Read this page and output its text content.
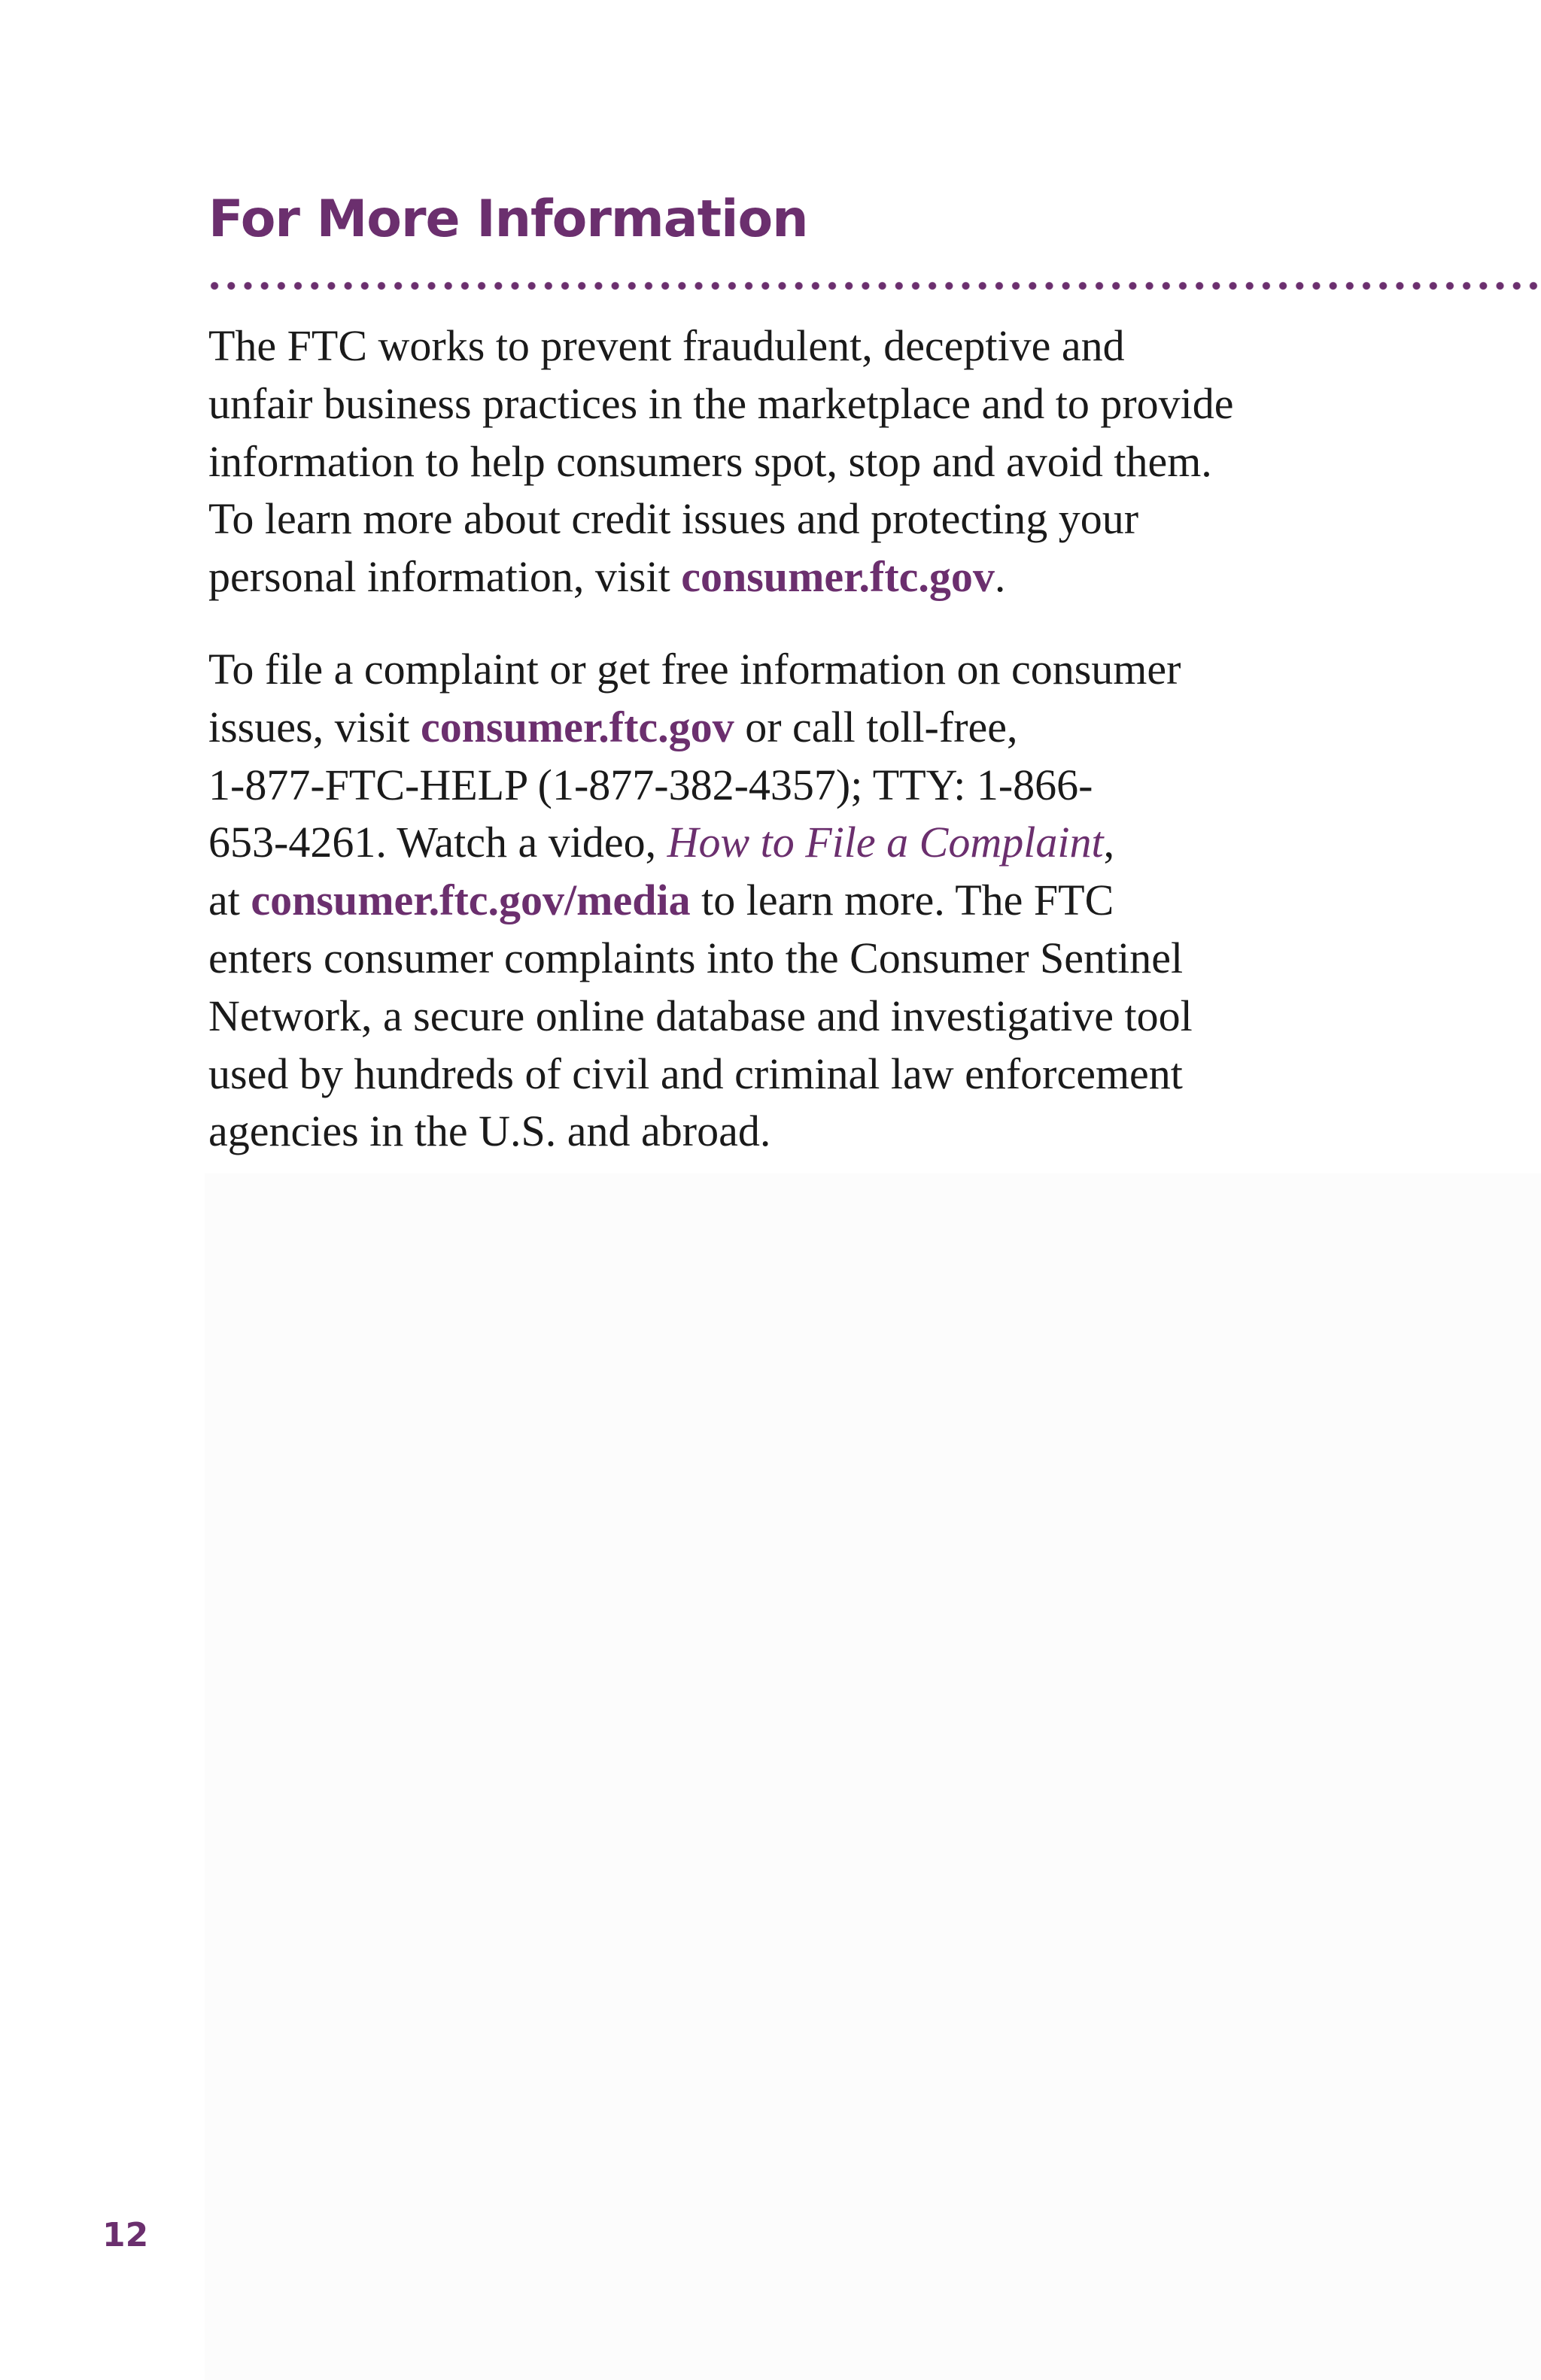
For More Information

The FTC works to prevent fraudulent, deceptive and
unfair business practices in the marketplace and to provide
information to help consumers spot, stop and avoid them.
To learn more about credit issues and protecting your
personal information, visit consumer.ftc.gov.

To file a complaint or get free information on consumer
issues, visit consumer.ftc.gov or call toll-free,
1-877-FTC-HELP (1-877-382-4357); TTY: 1-866-
653-4261. Watch a video, How to File a Complaint,
at consumer.ftc.gov/media to learn more. The FTC
enters consumer complaints into the Consumer Sentinel
Network, a secure online database and investigative tool
used by hundreds of civil and criminal law enforcement
agencies in the U.S. and abroad.

12
